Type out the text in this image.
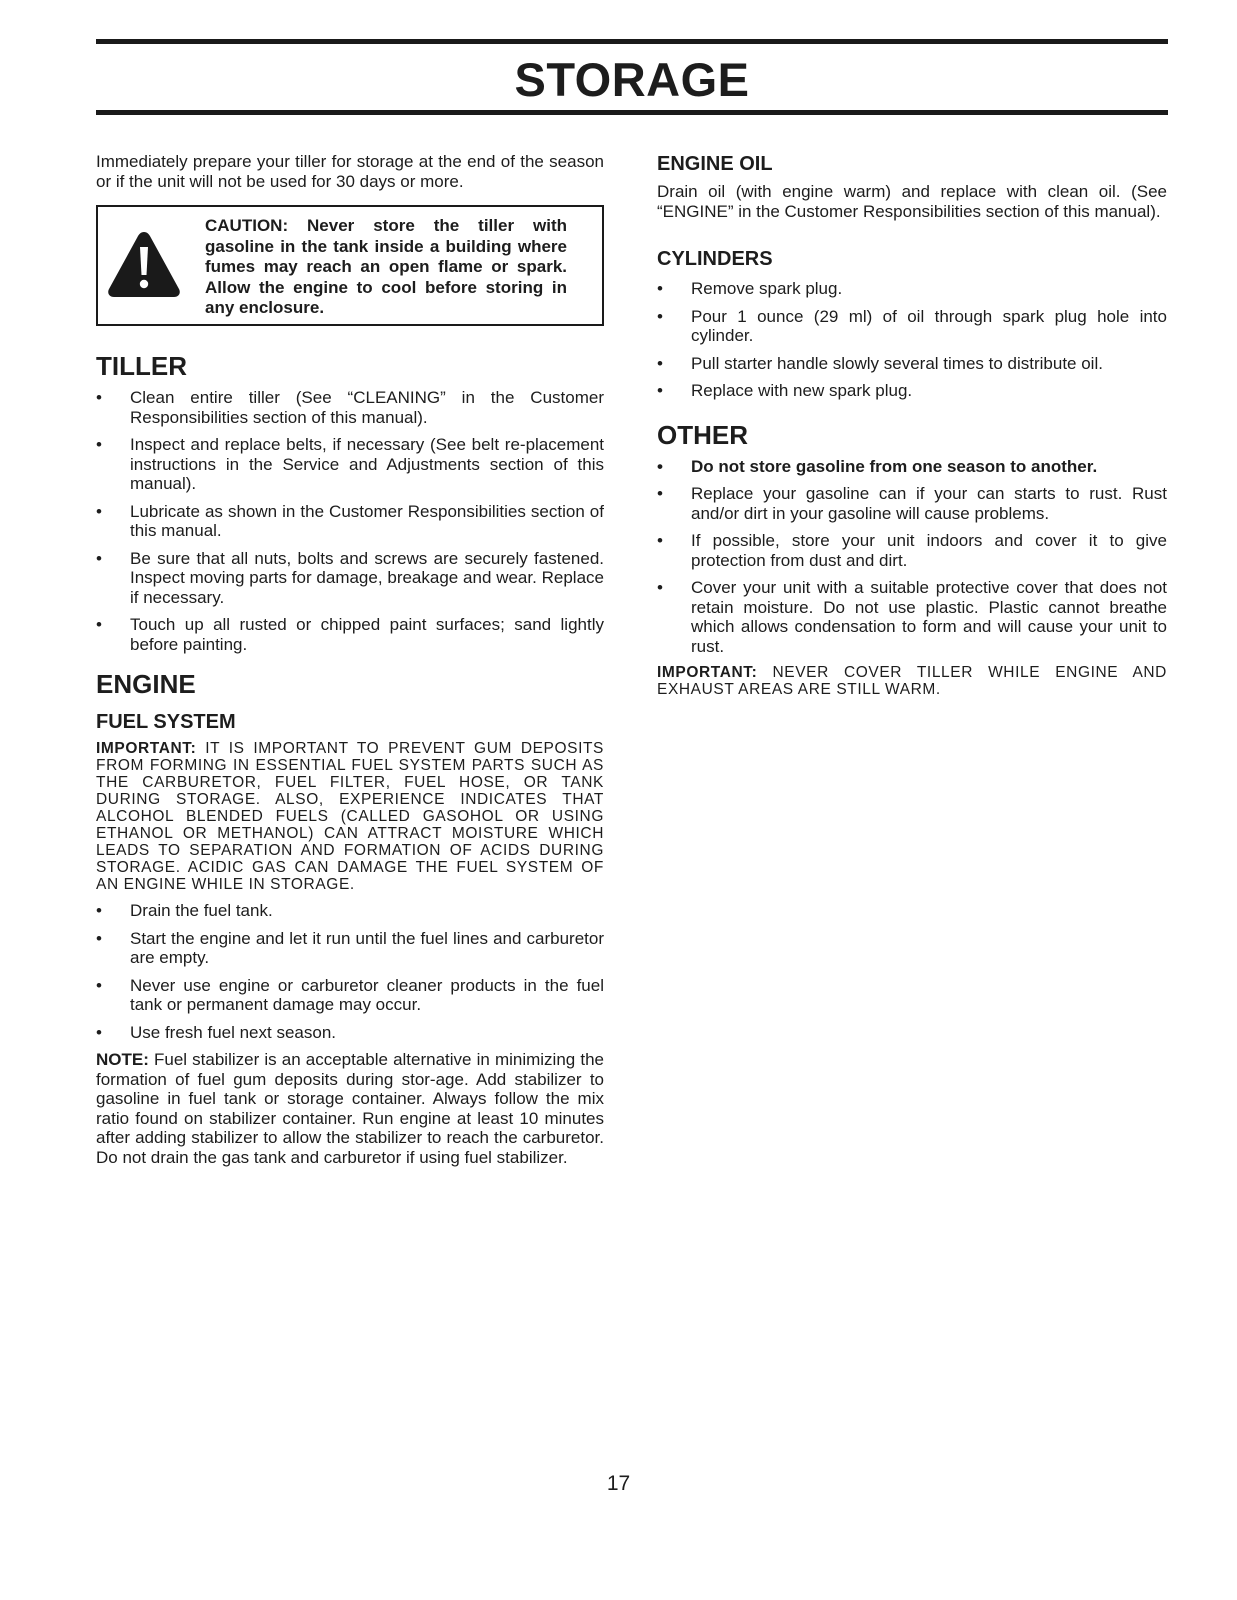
STORAGE

Immediately prepare your tiller for storage at the end of the season or if the unit will not be used for 30 days or more.

CAUTION: Never store the tiller with gasoline in the tank inside a building where fumes may reach an open flame or spark. Allow the engine to cool before storing in any enclosure.
TILLER
• Clean entire tiller (See “CLEANING” in the Customer Responsibilities section of this manual).
• Inspect and replace belts, if necessary (See belt re-placement instructions in the Service and Adjustments section of this manual).
• Lubricate as shown in the Customer Responsibilities section of this manual.
• Be sure that all nuts, bolts and screws are securely fastened. Inspect moving parts for damage, breakage and wear. Replace if necessary.
• Touch up all rusted or chipped paint surfaces; sand lightly before painting.
ENGINE
FUEL SYSTEM

IMPORTANT: IT IS IMPORTANT TO PREVENT GUM DEPOSITS FROM FORMING IN ESSENTIAL FUEL SYSTEM PARTS SUCH AS THE CARBURETOR, FUEL FILTER, FUEL HOSE, OR TANK DURING STORAGE. ALSO, EXPERIENCE INDICATES THAT ALCOHOL BLENDED FUELS (CALLED GASOHOL OR USING ETHANOL OR METHANOL) CAN ATTRACT MOISTURE WHICH LEADS TO SEPARATION AND FORMATION OF ACIDS DURING STORAGE. ACIDIC GAS CAN DAMAGE THE FUEL SYSTEM OF AN ENGINE WHILE IN STORAGE.

• Drain the fuel tank.
• Start the engine and let it run until the fuel lines and carburetor are empty.
• Never use engine or carburetor cleaner products in the fuel tank or permanent damage may occur.
• Use fresh fuel next season.

NOTE: Fuel stabilizer is an acceptable alternative in minimizing the formation of fuel gum deposits during stor-age. Add stabilizer to gasoline in fuel tank or storage container. Always follow the mix ratio found on stabilizer container. Run engine at least 10 minutes after adding stabilizer to allow the stabilizer to reach the carburetor. Do not drain the gas tank and carburetor if using fuel stabilizer.

ENGINE OIL

Drain oil (with engine warm) and replace with clean oil. (See “ENGINE” in the Customer Responsibilities section of this manual).

CYLINDERS
• Remove spark plug.
• Pour 1 ounce (29 ml) of oil through spark plug hole into cylinder.
• Pull starter handle slowly several times to distribute oil.
• Replace with new spark plug.
OTHER
• Do not store gasoline from one season to another.
• Replace your gasoline can if your can starts to rust. Rust and/or dirt in your gasoline will cause problems.
• If possible, store your unit indoors and cover it to give protection from dust and dirt.
• Cover your unit with a suitable protective cover that does not retain moisture. Do not use plastic. Plastic cannot breathe which allows condensation to form and will cause your unit to rust.

IMPORTANT: NEVER COVER TILLER WHILE ENGINE AND EXHAUST AREAS ARE STILL WARM.

17
